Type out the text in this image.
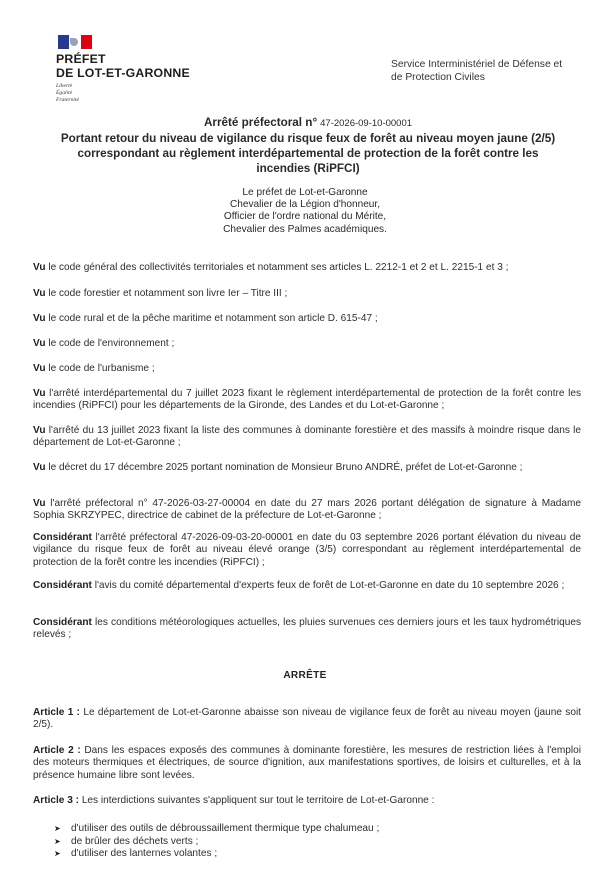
PRÉFET
DE LOT-ET-GARONNE
Liberté
Égalité
Fraternité
Service Interministériel de Défense et
de Protection Civiles
Arrêté préfectoral n° 47-2026-09-10-00001
Portant retour du niveau de vigilance du risque feux de forêt au niveau moyen jaune (2/5)
correspondant au règlement interdépartemental de protection de la forêt contre les
incendies (RiPFCI)
Le préfet de Lot-et-Garonne
Chevalier de la Légion d'honneur,
Officier de l'ordre national du Mérite,
Chevalier des Palmes académiques.
Vu le code général des collectivités territoriales et notamment ses articles L. 2212-1 et 2 et L. 2215-1 et 3 ;
Vu le code forestier et notamment son livre Ier – Titre III ;
Vu le code rural et de la pêche maritime et notamment son article D. 615-47 ;
Vu le code de l'environnement ;
Vu le code de l'urbanisme ;
Vu l'arrêté interdépartemental du 7 juillet 2023 fixant le règlement interdépartemental de protection de la forêt contre les incendies (RiPFCI) pour les départements de la Gironde, des Landes et du Lot-et-Garonne ;
Vu l'arrêté du 13 juillet 2023 fixant la liste des communes à dominante forestière et des massifs à moindre risque dans le département de Lot-et-Garonne ;
Vu le décret du 17 décembre 2025 portant nomination de Monsieur Bruno ANDRÉ, préfet de Lot-et-Garonne ;
Vu l'arrêté préfectoral n° 47-2026-03-27-00004 en date du 27 mars 2026 portant délégation de signature à Madame Sophia SKRZYPEC, directrice de cabinet de la préfecture de Lot-et-Garonne ;
Considérant l'arrêté préfectoral 47-2026-09-03-20-00001 en date du 03 septembre 2026 portant élévation du niveau de vigilance du risque feux de forêt au niveau élevé orange (3/5) correspondant au règlement interdépartemental de protection de la forêt contre les incendies (RiPFCI) ;
Considérant l'avis du comité départemental d'experts feux de forêt de Lot-et-Garonne en date du 10 septembre 2026 ;
Considérant les conditions météorologiques actuelles, les pluies survenues ces derniers jours et les taux hydrométriques relevés ;
ARRÊTE
Article 1 : Le département de Lot-et-Garonne abaisse son niveau de vigilance feux de forêt au niveau moyen (jaune soit 2/5).
Article 2 : Dans les espaces exposés des communes à dominante forestière, les mesures de restriction liées à l'emploi des moteurs thermiques et électriques, de source d'ignition, aux manifestations sportives, de loisirs et culturelles, et à la présence humaine libre sont levées.
Article 3 : Les interdictions suivantes s'appliquent sur tout le territoire de Lot-et-Garonne :
➤	d'utiliser des outils de débroussaillement thermique type chalumeau ;
➤	de brûler des déchets verts ;
➤	d'utiliser des lanternes volantes ;
